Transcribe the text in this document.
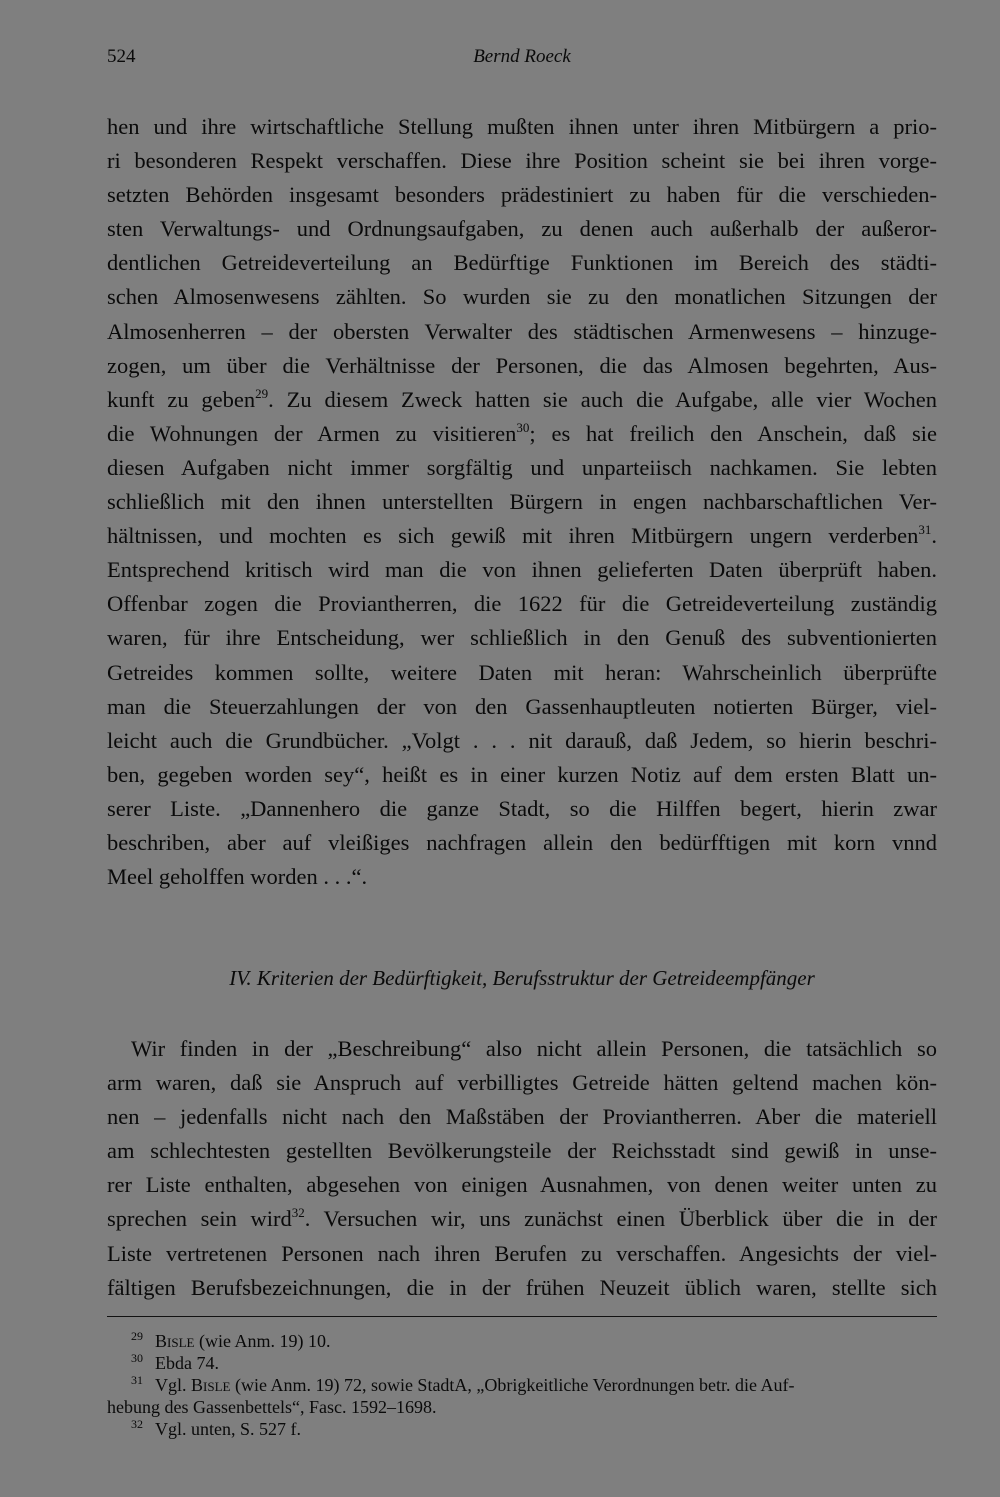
524	Bernd Roeck
hen und ihre wirtschaftliche Stellung mußten ihnen unter ihren Mitbürgern a prio-
ri besonderen Respekt verschaffen. Diese ihre Position scheint sie bei ihren vorge-
setzten Behörden insgesamt besonders prädestiniert zu haben für die verschieden-
sten Verwaltungs- und Ordnungsaufgaben, zu denen auch außerhalb der außeror-
dentlichen Getreideverteilung an Bedürftige Funktionen im Bereich des städti-
schen Almosenwesens zählten. So wurden sie zu den monatlichen Sitzungen der
Almosenherren – der obersten Verwalter des städtischen Armenwesens – hinzuge-
zogen, um über die Verhältnisse der Personen, die das Almosen begehrten, Aus-
kunft zu geben$^{29}$. Zu diesem Zweck hatten sie auch die Aufgabe, alle vier Wochen
die Wohnungen der Armen zu visitieren$^{30}$; es hat freilich den Anschein, daß sie
diesen Aufgaben nicht immer sorgfältig und unparteiisch nachkamen. Sie lebten
schließlich mit den ihnen unterstellten Bürgern in engen nachbarschaftlichen Ver-
hältnissen, und mochten es sich gewiß mit ihren Mitbürgern ungern verderben$^{31}$.
Entsprechend kritisch wird man die von ihnen gelieferten Daten überprüft haben.
Offenbar zogen die Proviantherren, die 1622 für die Getreideverteilung zuständig
waren, für ihre Entscheidung, wer schließlich in den Genuß des subventionierten
Getreides kommen sollte, weitere Daten mit heran: Wahrscheinlich überprüfte
man die Steuerzahlungen der von den Gassenhauptleuten notierten Bürger, viel-
leicht auch die Grundbücher. „Volgt . . . nit darauß, daß Jedem, so hierin beschri-
ben, gegeben worden sey“, heißt es in einer kurzen Notiz auf dem ersten Blatt un-
serer Liste. „Dannenhero die ganze Stadt, so die Hilffen begert, hierin zwar
beschriben, aber auf vleißiges nachfragen allein den bedürfftigen mit korn vnnd
Meel geholffen worden . . .“.
IV. Kriterien der Bedürftigkeit, Berufsstruktur der Getreideempfänger
Wir finden in der „Beschreibung“ also nicht allein Personen, die tatsächlich so
arm waren, daß sie Anspruch auf verbilligtes Getreide hätten geltend machen kön-
nen – jedenfalls nicht nach den Maßstäben der Proviantherren. Aber die materiell
am schlechtesten gestellten Bevölkerungsteile der Reichsstadt sind gewiß in unse-
rer Liste enthalten, abgesehen von einigen Ausnahmen, von denen weiter unten zu
sprechen sein wird$^{32}$. Versuchen wir, uns zunächst einen Überblick über die in der
Liste vertretenen Personen nach ihren Berufen zu verschaffen. Angesichts der viel-
fältigen Berufsbezeichnungen, die in der frühen Neuzeit üblich waren, stellte sich
29 Bisle (wie Anm. 19) 10.
30 Ebda 74.
31 Vgl. Bisle (wie Anm. 19) 72, sowie StadtA, „Obrigkeitliche Verordnungen betr. die Auf-
hebung des Gassenbettels“, Fasc. 1592–1698.
32 Vgl. unten, S. 527 f.
